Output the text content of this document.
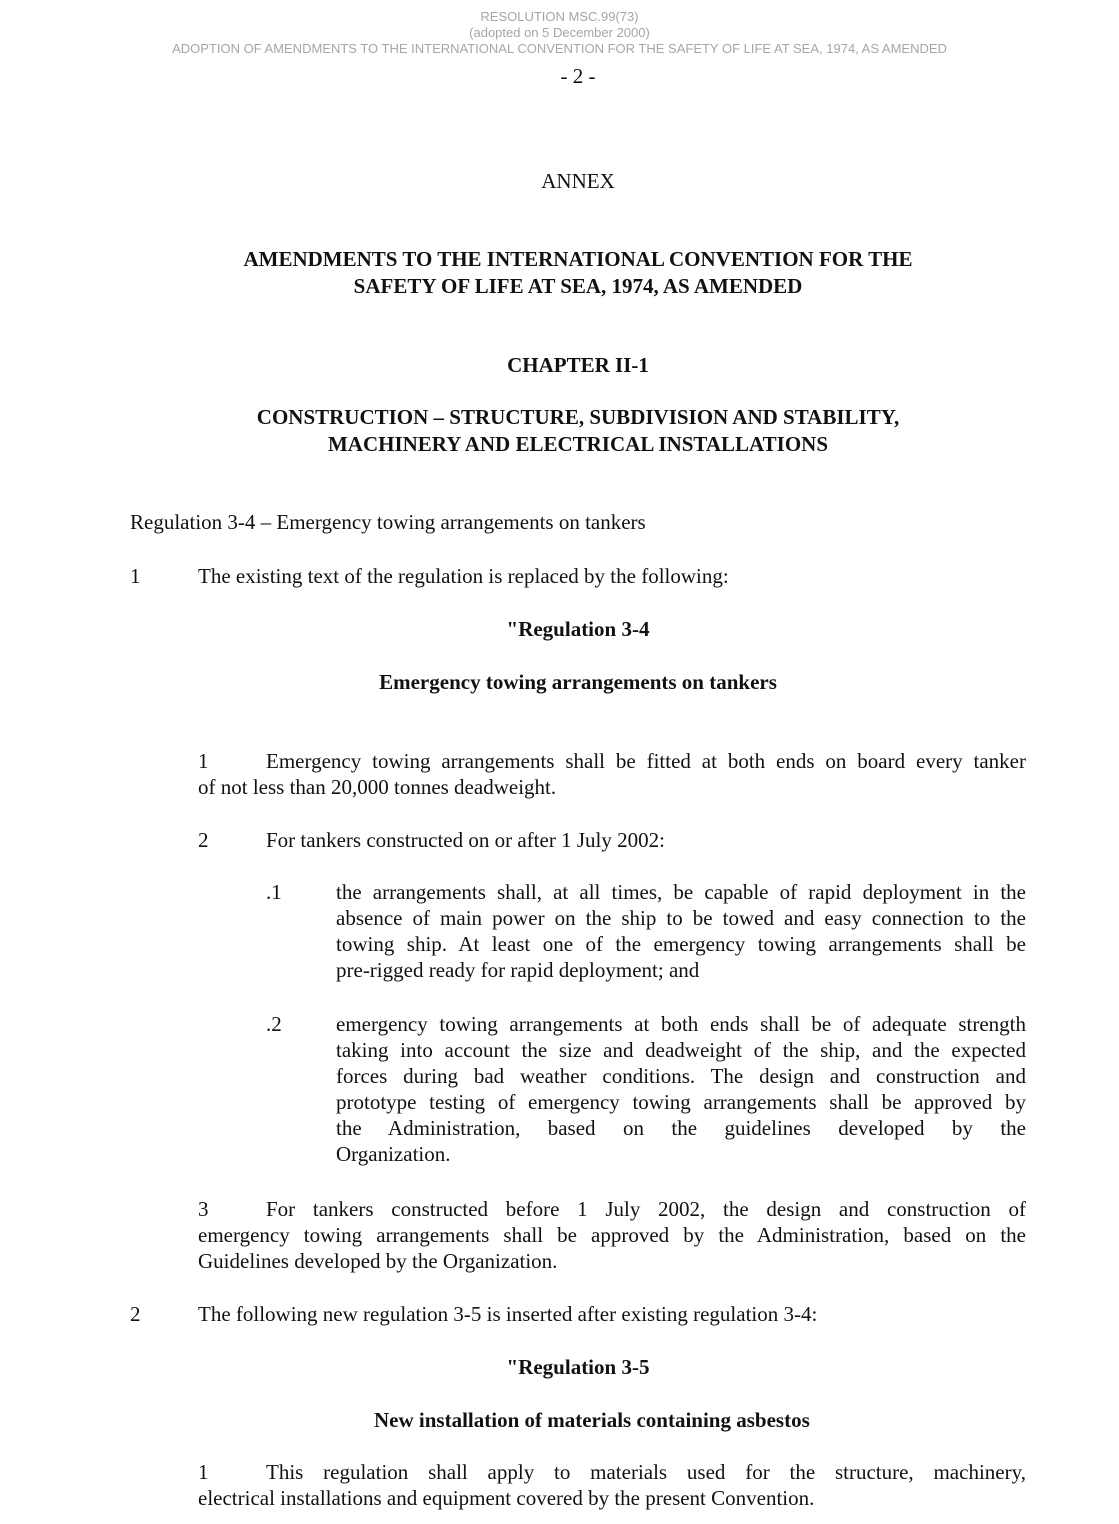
RESOLUTION MSC.99(73)
(adopted on 5 December 2000)
ADOPTION OF AMENDMENTS TO THE INTERNATIONAL CONVENTION FOR THE SAFETY OF LIFE AT SEA, 1974, AS AMENDED
- 2 -
ANNEX
AMENDMENTS TO THE INTERNATIONAL CONVENTION FOR THE
SAFETY OF LIFE AT SEA, 1974, AS AMENDED
CHAPTER II-1
CONSTRUCTION – STRUCTURE, SUBDIVISION AND STABILITY,
MACHINERY AND ELECTRICAL INSTALLATIONS
Regulation 3-4 – Emergency towing arrangements on tankers
1	The existing text of the regulation is replaced by the following:
"Regulation 3-4
Emergency towing arrangements on tankers

1	Emergency towing arrangements shall be fitted at both ends on board every tanker

of not less than 20,000 tonnes deadweight.

2	For tankers constructed on or after 1 July 2002:
.1	the arrangements shall, at all times, be capable of rapid deployment in the

absence of main power on the ship to be towed and easy connection to the

towing ship. At least one of the emergency towing arrangements shall be

pre-rigged ready for rapid deployment; and

.2	emergency towing arrangements at both ends shall be of adequate strength

taking into account the size and deadweight of the ship, and the expected

forces during bad weather conditions. The design and construction and

prototype testing of emergency towing arrangements shall be approved by

the Administration, based on the guidelines developed by the

Organization.

3	For tankers constructed before 1 July 2002, the design and construction of

emergency towing arrangements shall be approved by the Administration, based on the

Guidelines developed by the Organization.

2	The following new regulation 3-5 is inserted after existing regulation 3-4:
"Regulation 3-5
New installation of materials containing asbestos

1	This regulation shall apply to materials used for the structure, machinery,

electrical installations and equipment covered by the present Convention.
